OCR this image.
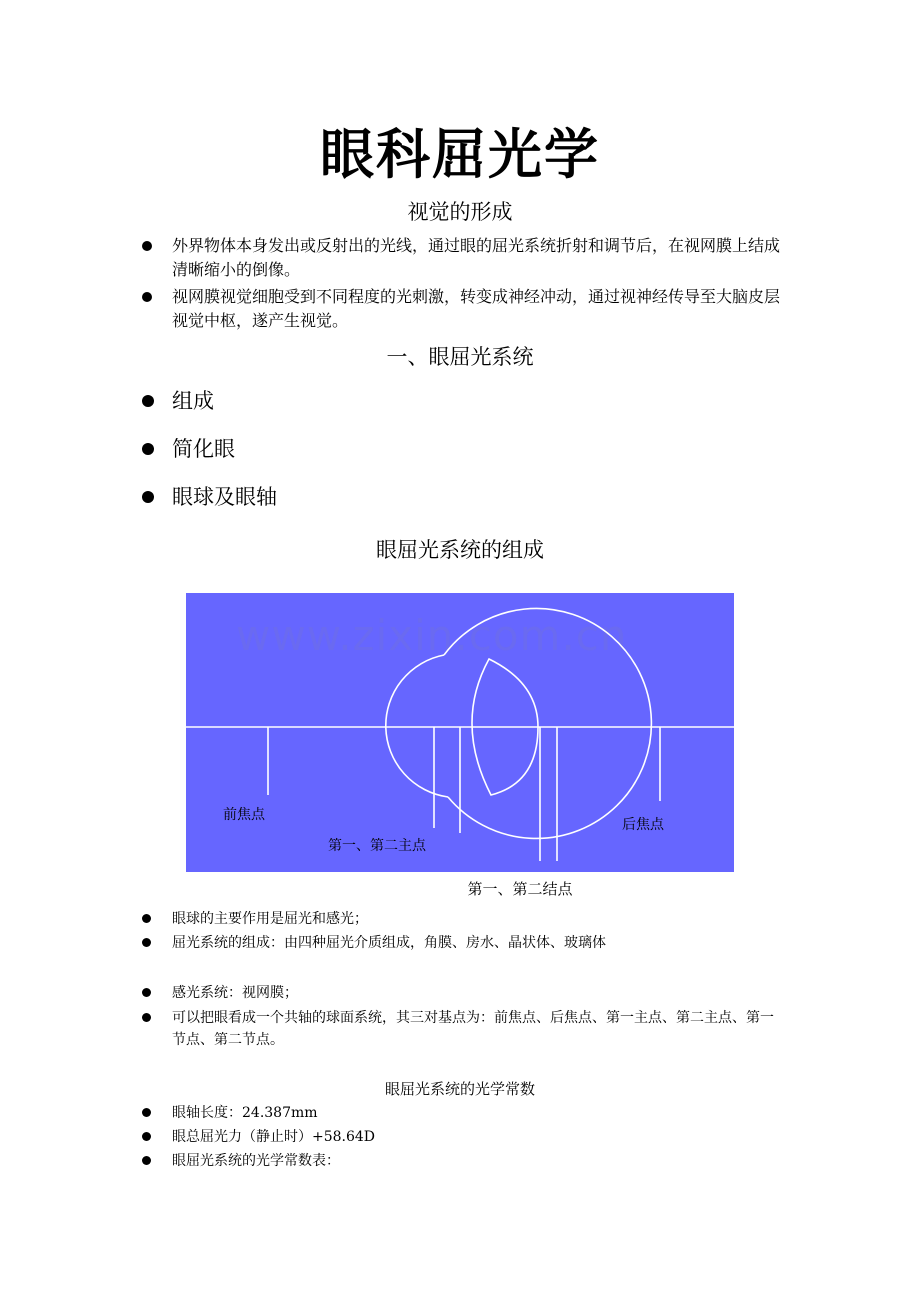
眼科屈光学
视觉的形成
外界物体本身发出或反射出的光线，通过眼的屈光系统折射和调节后，在视网膜上结成清晰缩小的倒像。
视网膜视觉细胞受到不同程度的光刺激，转变成神经冲动，通过视神经传导至大脑皮层视觉中枢，遂产生视觉。
一、眼屈光系统
组成
简化眼
眼球及眼轴
眼屈光系统的组成
www.zixin.com.cn
前焦点
第一、第二主点
后焦点
第一、第二结点
眼球的主要作用是屈光和感光；
屈光系统的组成：由四种屈光介质组成，角膜、房水、晶状体、玻璃体
感光系统：视网膜；
可以把眼看成一个共轴的球面系统，其三对基点为：前焦点、后焦点、第一主点、第二主点、第一节点、第二节点。
眼屈光系统的光学常数
眼轴长度：24.387mm
眼总屈光力（静止时）+58.64D
眼屈光系统的光学常数表：
